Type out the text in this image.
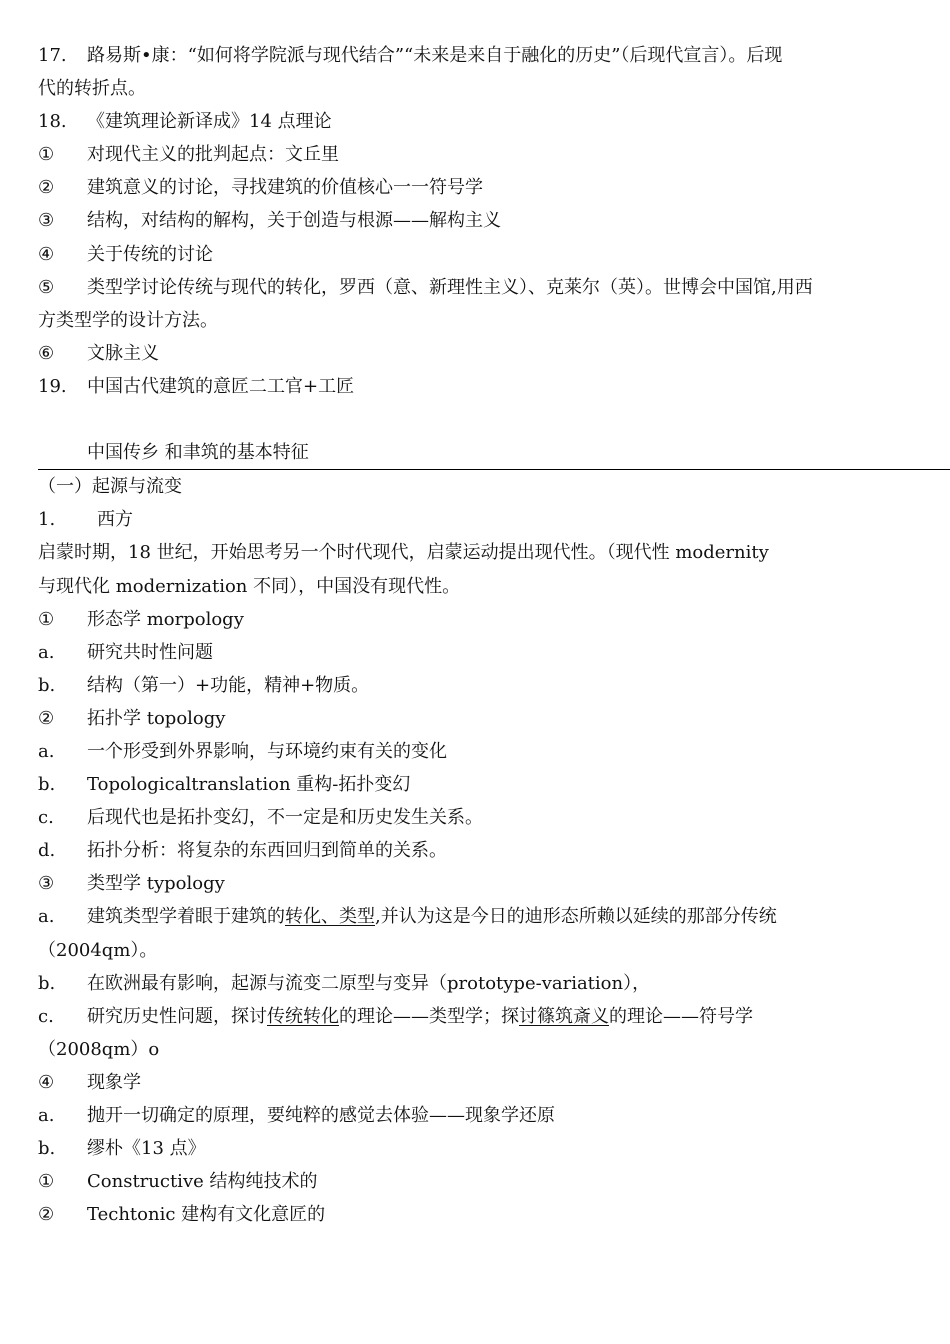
17. 路易斯•康：“如何将学院派与现代结合”“未来是来自于融化的历史”（后现代宣言）。后现
代的转折点。
18. 《建筑理论新译成》14 点理论
① 对现代主义的批判起点：文丘里
② 建筑意义的讨论，寻找建筑的价值核心一一符号学
③ 结构，对结构的解构，关于创造与根源——解构主义
④ 关于传统的讨论
⑤ 类型学讨论传统与现代的转化，罗西（意、新理性主义）、克莱尔（英）。世博会中国馆,用西
方类型学的设计方法。
⑥ 文脉主义
19. 中国古代建筑的意匠二工官+工匠
中国传乡 和聿筑的基本特征
（一）起源与流变
1. 西方
启蒙时期，18 世纪，开始思考另一个时代现代，启蒙运动提出现代性。（现代性 modernity
与现代化 modernization 不同），中国没有现代性。
① 形态学 morpology
a. 研究共时性问题
b. 结构（第一）+功能，精神+物质。
② 拓扑学 topology
a. 一个形受到外界影响，与环境约束有关的变化
b. Topologicaltranslation 重构-拓扑变幻
c. 后现代也是拓扑变幻，不一定是和历史发生关系。
d. 拓扑分析：将复杂的东西回归到简单的关系。
③ 类型学 typology
a. 建筑类型学着眼于建筑的转化、类型,并认为这是今日的迪形态所赖以延续的那部分传统
（2004qm）。
b. 在欧洲最有影响，起源与流变二原型与变异（prototype-variation），
c. 研究历史性问题，探讨传统转化的理论——类型学；探讨篠筑斎义的理论——符号学
（2008qm）o
④ 现象学
a. 抛开一切确定的原理，要纯粹的感觉去体验——现象学还原
b. 缪朴《13 点》
① Constructive 结构纯技术的
② Techtonic 建构有文化意匠的
